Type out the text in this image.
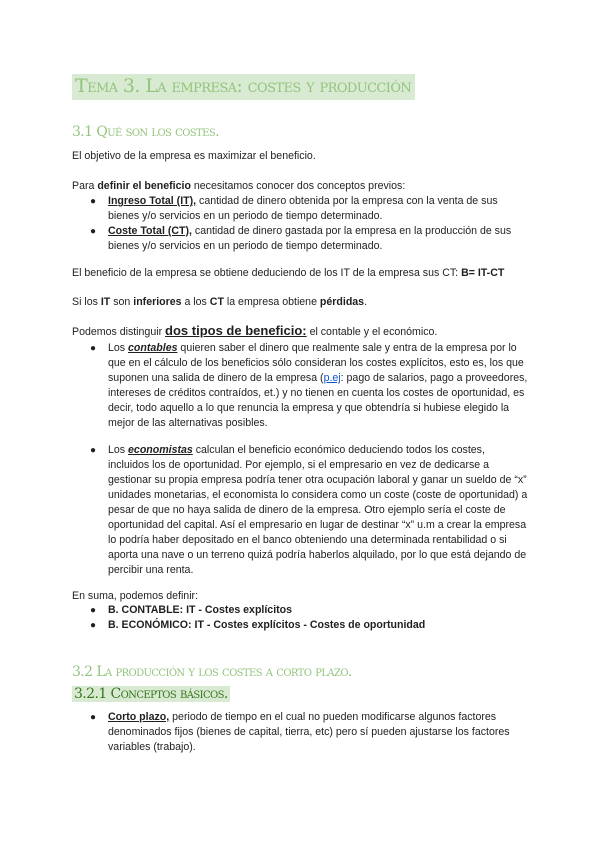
Tema 3. La empresa: costes y producción
3.1 Qué son los costes.
El objetivo de la empresa es maximizar el beneficio.
Para definir el beneficio necesitamos conocer dos conceptos previos:
● Ingreso Total (IT), cantidad de dinero obtenida por la empresa con la venta de sus bienes y/o servicios en un periodo de tiempo determinado.
● Coste Total (CT), cantidad de dinero gastada por la empresa en la producción de sus bienes y/o servicios en un periodo de tiempo determinado.
El beneficio de la empresa se obtiene deduciendo de los IT de la empresa sus CT: B= IT-CT
Si los IT son inferiores a los CT la empresa obtiene pérdidas.
Podemos distinguir dos tipos de beneficio: el contable y el económico.
● Los contables quieren saber el dinero que realmente sale y entra de la empresa por lo que en el cálculo de los beneficios sólo consideran los costes explícitos, esto es, los que suponen una salida de dinero de la empresa (p.ej: pago de salarios, pago a proveedores, intereses de créditos contraídos, et.) y no tienen en cuenta los costes de oportunidad, es decir, todo aquello a lo que renuncia la empresa y que obtendría si hubiese elegido la mejor de las alternativas posibles.
● Los economistas calculan el beneficio económico deduciendo todos los costes, incluidos los de oportunidad. Por ejemplo, si el empresario en vez de dedicarse a gestionar su propia empresa podría tener otra ocupación laboral y ganar un sueldo de “x” unidades monetarias, el economista lo considera como un coste (coste de oportunidad) a pesar de que no haya salida de dinero de la empresa. Otro ejemplo sería el coste de oportunidad del capital. Así el empresario en lugar de destinar “x” u.m a crear la empresa lo podría haber depositado en el banco obteniendo una determinada rentabilidad o si aporta una nave o un terreno quizá podría haberlos alquilado, por lo que está dejando de percibir una renta.
En suma, podemos definir:
● B. CONTABLE: IT - Costes explícitos
● B. ECONÓMICO: IT - Costes explícitos - Costes de oportunidad
3.2 La producción y los costes a corto plazo.
3.2.1 Conceptos básicos.
● Corto plazo, periodo de tiempo en el cual no pueden modificarse algunos factores denominados fijos (bienes de capital, tierra, etc) pero sí pueden ajustarse los factores variables (trabajo).
